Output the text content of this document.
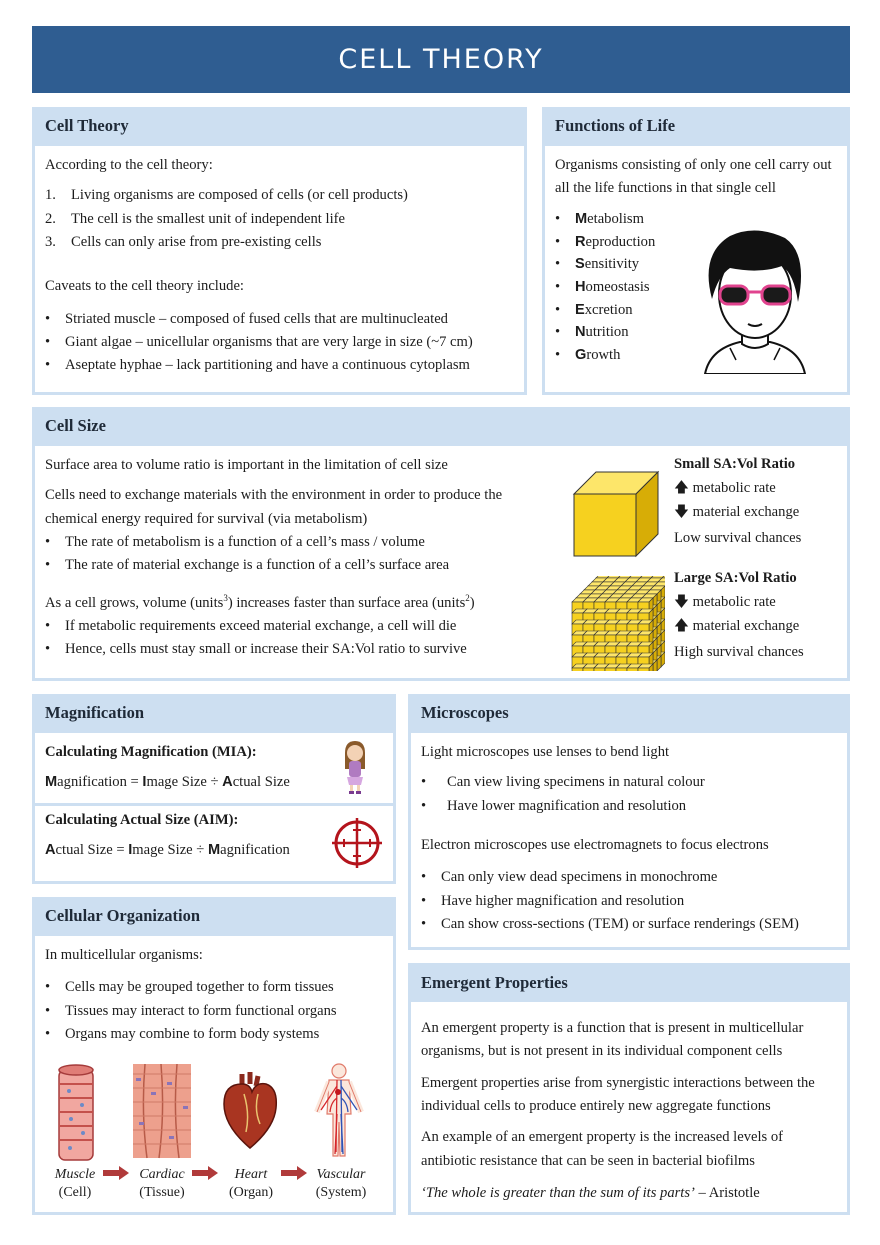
CELL THEORY
Cell Theory

According to the cell theory:

1.	Living organisms are composed of cells (or cell products)
2.	The cell is the smallest unit of independent life
3.	Cells can only arise from pre-existing cells

Caveats to the cell theory include:

•	Striated muscle – composed of fused cells that are multinucleated
•	Giant algae – unicellular organisms that are very large in size (~7 cm)
•	Aseptate hyphae – lack partitioning and have a continuous cytoplasm
Functions of Life

Organisms consisting of only one cell carry out all the life functions in that single cell

•	M etabolism
•	R eproduction
•	S ensitivity
•	H omeostasis
•	E xcretion
•	N utrition
•	G rowth
Cell Size

Surface area to volume ratio is important in the limitation of cell size

Cells need to exchange materials with the environment in order to produce the chemical energy required for survival (via metabolism)

•	The rate of metabolism is a function of a cell’s mass / volume
•	The rate of material exchange is a function of a cell’s surface area

As a cell grows, volume (units$^3$) increases faster than surface area (units$^2$)

•	If metabolic requirements exceed material exchange, a cell will die
•	Hence, cells must stay small or increase their SA:Vol ratio to survive
Small SA:Vol Ratio
🡅 metabolic rate
🡇 material exchange
Low survival chances
Large SA:Vol Ratio
🡇 metabolic rate
🡅 material exchange
High survival chances
Magnification

Calculating Magnification (MIA):

Magnification = Image Size ÷ Actual Size

Calculating Actual Size (AIM):

Actual Size = Image Size ÷ Magnification

Microscopes

Light microscopes use lenses to bend light

•	Can view living specimens in natural colour
•	Have lower magnification and resolution

Electron microscopes use electromagnets to focus electrons

•	Can only view dead specimens in monochrome
•	Have higher magnification and resolution
•	Can show cross-sections (TEM) or surface renderings (SEM)
Cellular Organization

In multicellular organisms:

•	Cells may be grouped together to form tissues
•	Tissues may interact to form functional organs
•	Organs may combine to form body systems
Muscle
(Cell)
Cardiac
(Tissue)
Heart
(Organ)
Vascular
(System)
Emergent Properties

An emergent property is a function that is present in multicellular organisms, but is not present in its individual component cells

Emergent properties arise from synergistic interactions between the individual cells to produce entirely new aggregate functions

An example of an emergent property is the increased levels of antibiotic resistance that can be seen in bacterial biofilms

‘The whole is greater than the sum of its parts’ – Aristotle
